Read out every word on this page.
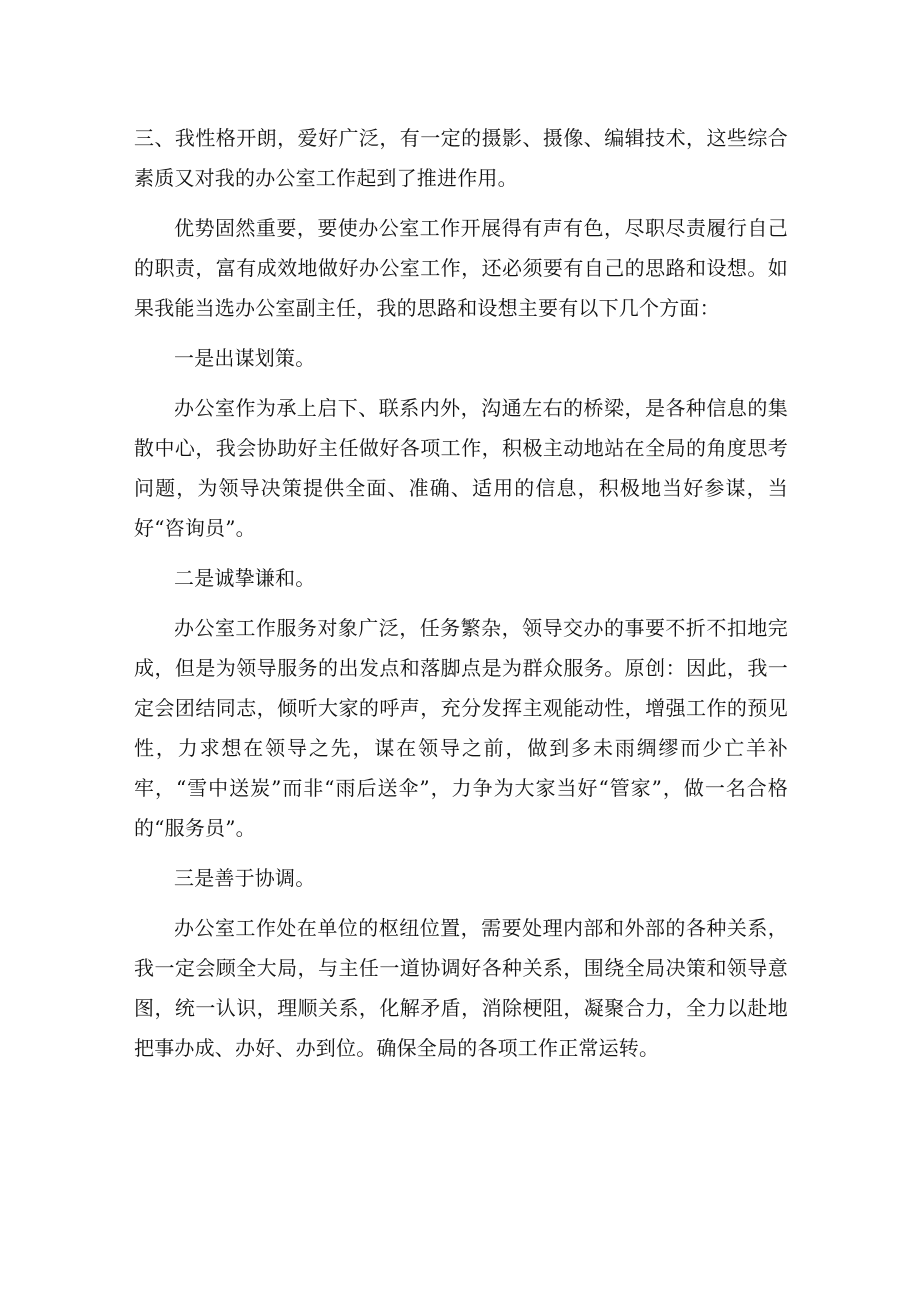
三、我性格开朗，爱好广泛，有一定的摄影、摄像、编辑技术，这些综合素质又对我的办公室工作起到了推进作用。

优势固然重要，要使办公室工作开展得有声有色，尽职尽责履行自己的职责，富有成效地做好办公室工作，还必须要有自己的思路和设想。如果我能当选办公室副主任，我的思路和设想主要有以下几个方面：

一是出谋划策。

办公室作为承上启下、联系内外，沟通左右的桥梁，是各种信息的集散中心，我会协助好主任做好各项工作，积极主动地站在全局的角度思考问题，为领导决策提供全面、准确、适用的信息，积极地当好参谋，当好“咨询员”。

二是诚挚谦和。

办公室工作服务对象广泛，任务繁杂，领导交办的事要不折不扣地完成，但是为领导服务的出发点和落脚点是为群众服务。原创：因此，我一定会团结同志，倾听大家的呼声，充分发挥主观能动性，增强工作的预见性，力求想在领导之先，谋在领导之前，做到多未雨绸缪而少亡羊补牢，“雪中送炭”而非“雨后送伞”，力争为大家当好“管家”，做一名合格的“服务员”。

三是善于协调。

办公室工作处在单位的枢纽位置，需要处理内部和外部的各种关系，我一定会顾全大局，与主任一道协调好各种关系，围绕全局决策和领导意图，统一认识，理顺关系，化解矛盾，消除梗阻，凝聚合力，全力以赴地把事办成、办好、办到位。确保全局的各项工作正常运转。
